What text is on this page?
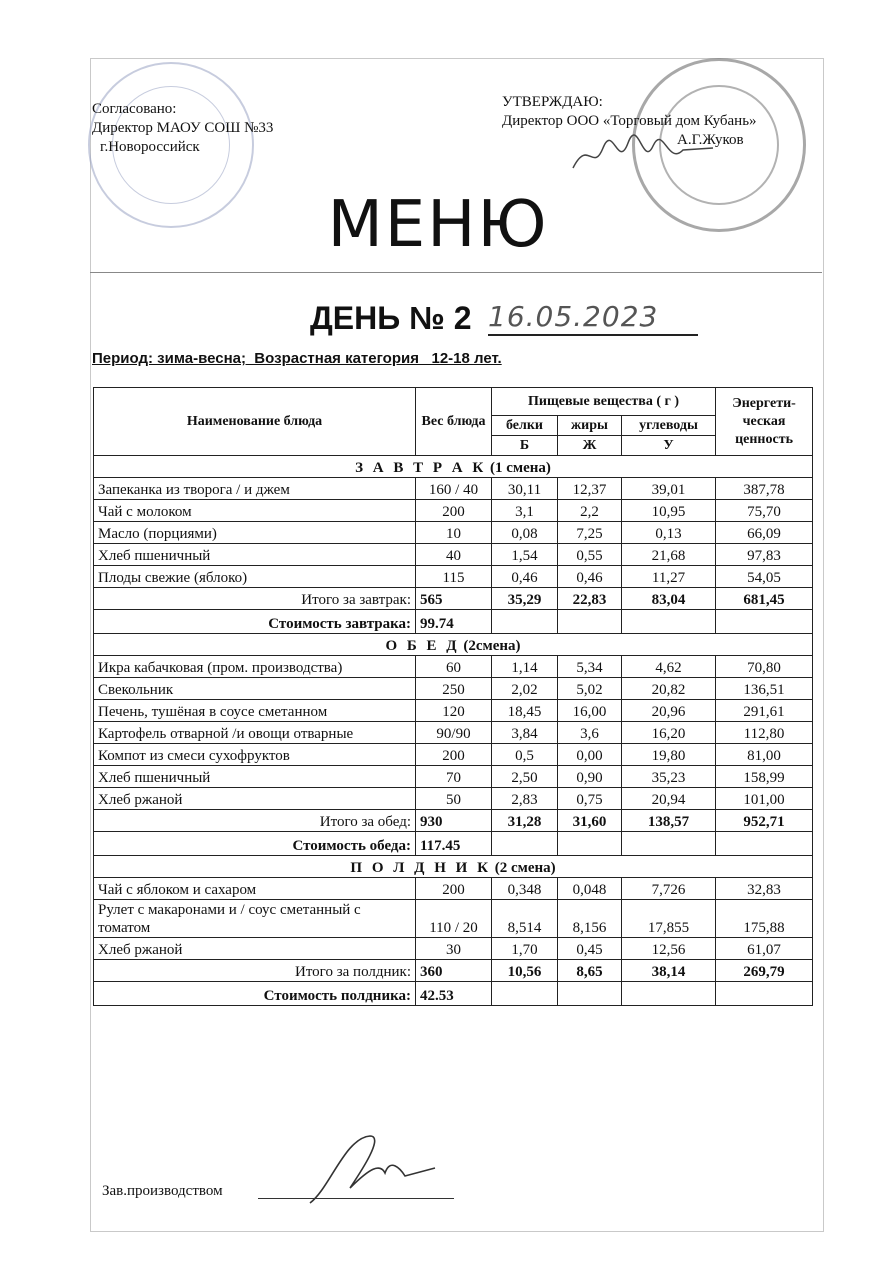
Согласовано:
Директор МАОУ СОШ №33
г.Новороссийск
УТВЕРЖДАЮ:
Директор ООО «Торговый дом Кубань»
А.Г.Жуков
МЕНЮ
ДЕНЬ № 2 16.05.2023
Период: зима-весна;  Возрастная категория   12-18 лет.
Наименование блюда	Вес блюда	Пищевые вещества ( г )			Энергети-ческая ценность
		белки	жиры	углеводы	
		Б	Ж	У	
З А В Т Р А К (1 смена)					
Запеканка из творога / и джем	160 / 40	30,11	12,37	39,01	387,78
Чай с молоком	200	3,1	2,2	10,95	75,70
Масло (порциями)	10	0,08	7,25	0,13	66,09
Хлеб пшеничный	40	1,54	0,55	21,68	97,83
Плоды свежие (яблоко)	115	0,46	0,46	11,27	54,05
Итого за завтрак:	565	35,29	22,83	83,04	681,45
Стоимость завтрака:	99.74				
О Б Е Д (2смена)					
Икра кабачковая (пром. производства)	60	1,14	5,34	4,62	70,80
Свекольник	250	2,02	5,02	20,82	136,51
Печень, тушёная в соусе сметанном	120	18,45	16,00	20,96	291,61
Картофель отварной /и овощи отварные	90/90	3,84	3,6	16,20	112,80
Компот из смеси сухофруктов	200	0,5	0,00	19,80	81,00
Хлеб пшеничный	70	2,50	0,90	35,23	158,99
Хлеб ржаной	50	2,83	0,75	20,94	101,00
Итого за обед:	930	31,28	31,60	138,57	952,71
Стоимость обеда:	117.45				
П О Л Д Н И К (2 смена)					
Чай с яблоком и сахаром	200	0,348	0,048	7,726	32,83
Рулет с макаронами и / соус сметанный с томатом	110 / 20	8,514	8,156	17,855	175,88
Хлеб ржаной	30	1,70	0,45	12,56	61,07
Итого за полдник:	360	10,56	8,65	38,14	269,79
Стоимость полдника:	42.53				
Зав.производством
